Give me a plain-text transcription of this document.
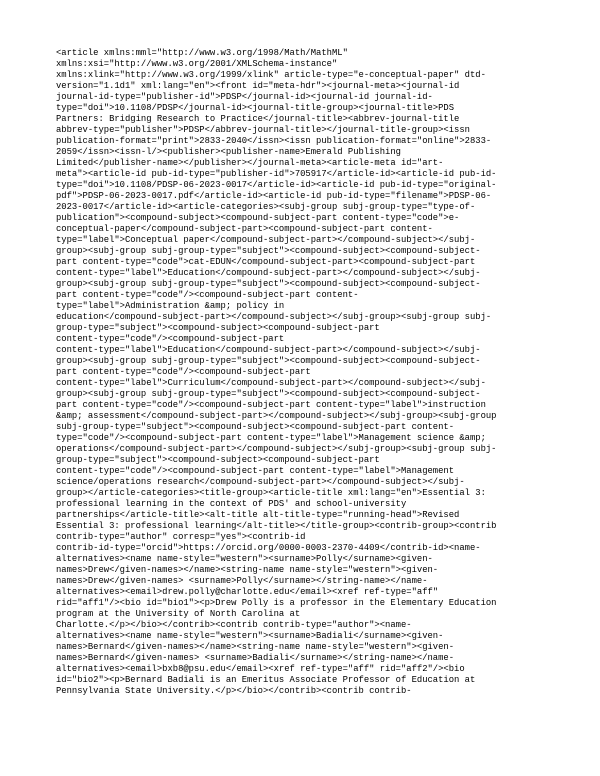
<article xmlns:mml="http://www.w3.org/1998/Math/MathML"
xmlns:xsi="http://www.w3.org/2001/XMLSchema-instance"
xmlns:xlink="http://www.w3.org/1999/xlink" article-type="e-conceptual-paper" dtd-
version="1.1d1" xml:lang="en"><front id="meta-hdr"><journal-meta><journal-id
journal-id-type="publisher-id">PDSP</journal-id><journal-id journal-id-
type="doi">10.1108/PDSP</journal-id><journal-title-group><journal-title>PDS
Partners: Bridging Research to Practice</journal-title><abbrev-journal-title
abbrev-type="publisher">PDSP</abbrev-journal-title></journal-title-group><issn
publication-format="print">2833-2040</issn><issn publication-format="online">2833-
2059</issn><issn-l/><publisher><publisher-name>Emerald Publishing
Limited</publisher-name></publisher></journal-meta><article-meta id="art-
meta"><article-id pub-id-type="publisher-id">705917</article-id><article-id pub-id-
type="doi">10.1108/PDSP-06-2023-0017</article-id><article-id pub-id-type="original-
pdf">PDSP-06-2023-0017.pdf</article-id><article-id pub-id-type="filename">PDSP-06-
2023-0017</article-id><article-categories><subj-group subj-group-type="type-of-
publication"><compound-subject><compound-subject-part content-type="code">e-
conceptual-paper</compound-subject-part><compound-subject-part content-
type="label">Conceptual paper</compound-subject-part></compound-subject></subj-
group><subj-group subj-group-type="subject"><compound-subject><compound-subject-
part content-type="code">cat-EDUN</compound-subject-part><compound-subject-part
content-type="label">Education</compound-subject-part></compound-subject></subj-
group><subj-group subj-group-type="subject"><compound-subject><compound-subject-
part content-type="code"/><compound-subject-part content-
type="label">Administration &amp; policy in
education</compound-subject-part></compound-subject></subj-group><subj-group subj-
group-type="subject"><compound-subject><compound-subject-part
content-type="code"/><compound-subject-part
content-type="label">Education</compound-subject-part></compound-subject></subj-
group><subj-group subj-group-type="subject"><compound-subject><compound-subject-
part content-type="code"/><compound-subject-part
content-type="label">Curriculum</compound-subject-part></compound-subject></subj-
group><subj-group subj-group-type="subject"><compound-subject><compound-subject-
part content-type="code"/><compound-subject-part content-type="label">instruction
&amp; assessment</compound-subject-part></compound-subject></subj-group><subj-group
subj-group-type="subject"><compound-subject><compound-subject-part content-
type="code"/><compound-subject-part content-type="label">Management science &amp;
operations</compound-subject-part></compound-subject></subj-group><subj-group subj-
group-type="subject"><compound-subject><compound-subject-part
content-type="code"/><compound-subject-part content-type="label">Management
science/operations research</compound-subject-part></compound-subject></subj-
group></article-categories><title-group><article-title xml:lang="en">Essential 3:
professional learning in the context of PDS' and school-university
partnerships</article-title><alt-title alt-title-type="running-head">Revised
Essential 3: professional learning</alt-title></title-group><contrib-group><contrib
contrib-type="author" corresp="yes"><contrib-id
contrib-id-type="orcid">https://orcid.org/0000-0003-2370-4409</contrib-id><name-
alternatives><name name-style="western"><surname>Polly</surname><given-
names>Drew</given-names></name><string-name name-style="western"><given-
names>Drew</given-names> <surname>Polly</surname></string-name></name-
alternatives><email>drew.polly@charlotte.edu</email><xref ref-type="aff"
rid="aff1"/><bio id="bio1"><p>Drew Polly is a professor in the Elementary Education
program at the University of North Carolina at
Charlotte.</p></bio></contrib><contrib contrib-type="author"><name-
alternatives><name name-style="western"><surname>Badiali</surname><given-
names>Bernard</given-names></name><string-name name-style="western"><given-
names>Bernard</given-names> <surname>Badiali</surname></string-name></name-
alternatives><email>bxb8@psu.edu</email><xref ref-type="aff" rid="aff2"/><bio
id="bio2"><p>Bernard Badiali is an Emeritus Associate Professor of Education at
Pennsylvania State University.</p></bio></contrib><contrib contrib-
